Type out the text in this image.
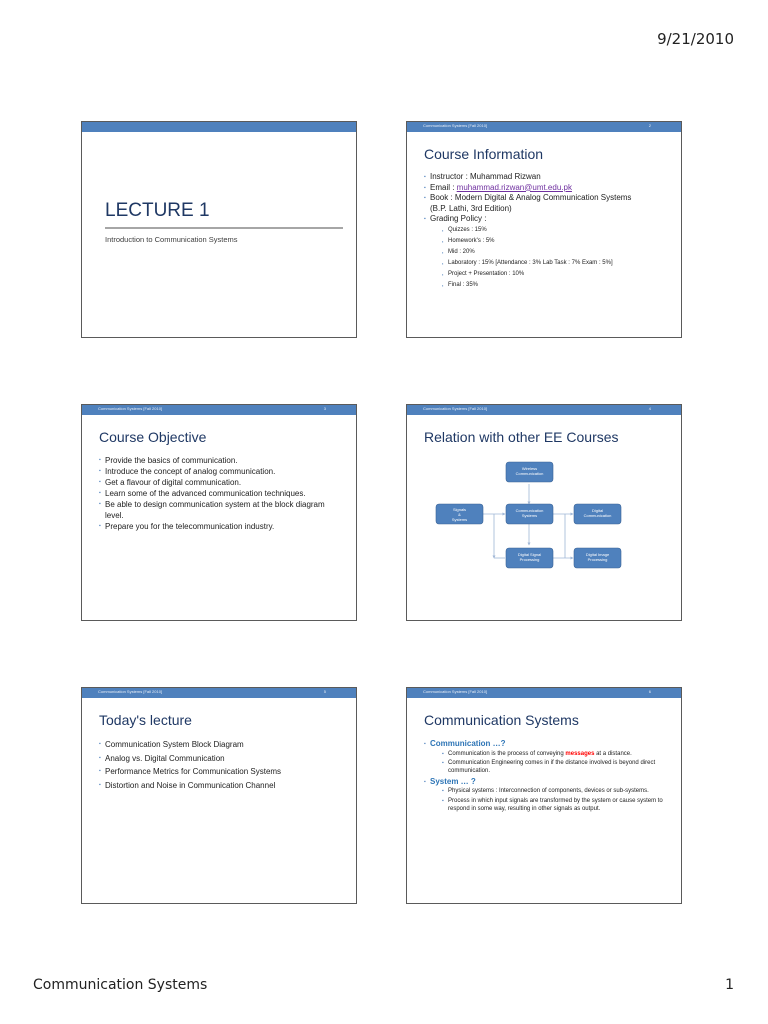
9/21/2010
LECTURE 1
Introduction to Communication Systems
Communication Systems [Fall 2010]	2
Course Information
▪ Instructor : Muhammad Rizwan
▪ Email : muhammad.rizwan@umt.edu.pk
▪ Book : Modern Digital & Analog Communication Systems
(B.P. Lathi, 3rd Edition)
▪ Grading Policy :
▪ Quizzes : 15%
▪ Homework's : 5%
▪ Mid : 20%
▪ Laboratory : 15% [Attendance : 3% Lab Task : 7% Exam : 5%]
▪ Project + Presentation : 10%
▪ Final : 35%
Communication Systems [Fall 2010]	3
Course Objective
▪ Provide the basics of communication.
▪ Introduce the concept of analog communication.
▪ Get a flavour of digital communication.
▪ Learn some of the advanced communication techniques.
▪ Be able to design communication system at the block diagram level.
▪ Prepare you for the telecommunication industry.
Communication Systems [Fall 2010]	4
Relation with other EE Courses
Wireless
Communication
Signals
&
Systems
Communication
Systems
Digital
Communication
Digital Signal
Processing
Digital Image
Processing
Communication Systems [Fall 2010]	5
Today's lecture
▪ Communication System Block Diagram
▪ Analog vs. Digital Communication
▪ Performance Metrics for Communication Systems
▪ Distortion and Noise in Communication Channel
Communication Systems [Fall 2010]	6
Communication Systems
▪ Communication …?
▪ Communication is the process of conveying messages at a distance.
▪ Communication Engineering comes in if the distance involved is beyond direct communication.
▪ System … ?
▪ Physical systems : Interconnection of components, devices or sub-systems.
▪ Process in which input signals are transformed by the system or cause system to respond in some way, resulting in other signals as output.
Communication Systems	1
